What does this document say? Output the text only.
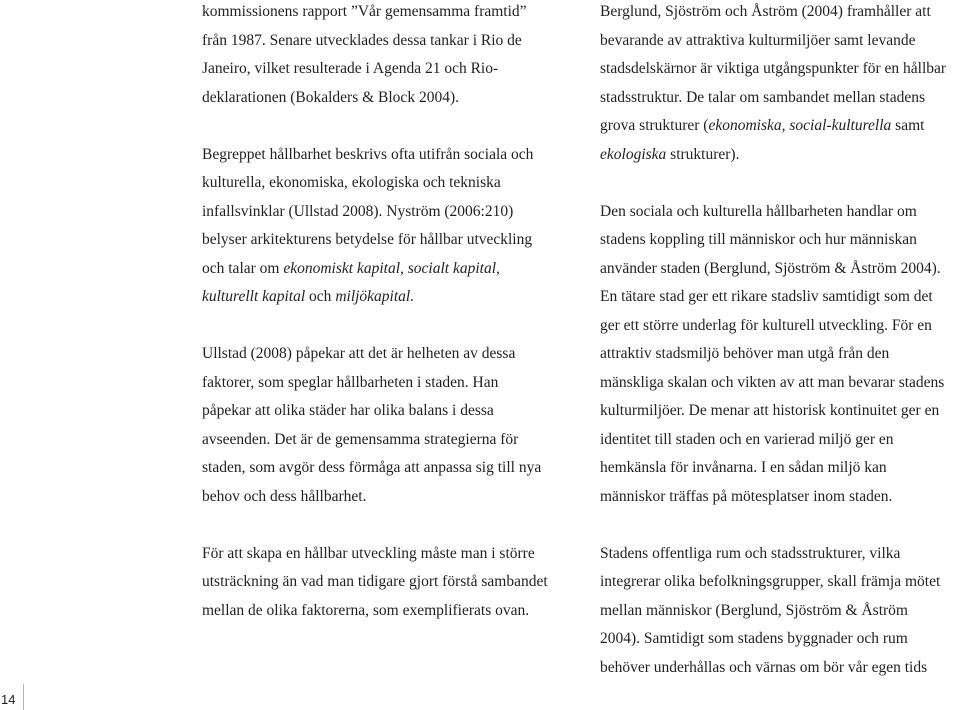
kommissionens rapport ”Vår gemensamma framtid”
från 1987. Senare utvecklades dessa tankar i Rio de
Janeiro, vilket resulterade i Agenda 21 och Rio-
deklarationen (Bokalders & Block 2004).
Begreppet hållbarhet beskrivs ofta utifrån sociala och
kulturella, ekonomiska, ekologiska och tekniska
infallsvinklar (Ullstad 2008). Nyström (2006:210)
belyser arkitekturens betydelse för hållbar utveckling
och talar om ekonomiskt kapital, socialt kapital,
kulturellt kapital och miljökapital.
Ullstad (2008) påpekar att det är helheten av dessa
faktorer, som speglar hållbarheten i staden. Han
påpekar att olika städer har olika balans i dessa
avseenden. Det är de gemensamma strategierna för
staden, som avgör dess förmåga att anpassa sig till nya
behov och dess hållbarhet.
För att skapa en hållbar utveckling måste man i större
utsträckning än vad man tidigare gjort förstå sambandet
mellan de olika faktorerna, som exemplifierats ovan.
Berglund, Sjöström och Åström (2004) framhåller att
bevarande av attraktiva kulturmiljöer samt levande
stadsdelskärnor är viktiga utgångspunkter för en hållbar
stadsstruktur. De talar om sambandet mellan stadens
grova strukturer (ekonomiska, social-kulturella samt
ekologiska strukturer).
Den sociala och kulturella hållbarheten handlar om
stadens koppling till människor och hur människan
använder staden (Berglund, Sjöström & Åström 2004).
En tätare stad ger ett rikare stadsliv samtidigt som det
ger ett större underlag för kulturell utveckling. För en
attraktiv stadsmiljö behöver man utgå från den
mänskliga skalan och vikten av att man bevarar stadens
kulturmiljöer. De menar att historisk kontinuitet ger en
identitet till staden och en varierad miljö ger en
hemkänsla för invånarna. I en sådan miljö kan
människor träffas på mötesplatser inom staden.
Stadens offentliga rum och stadsstrukturer, vilka
integrerar olika befolkningsgrupper, skall främja mötet
mellan människor (Berglund, Sjöström & Åström
2004). Samtidigt som stadens byggnader och rum
behöver underhållas och värnas om bör vår egen tids
14
